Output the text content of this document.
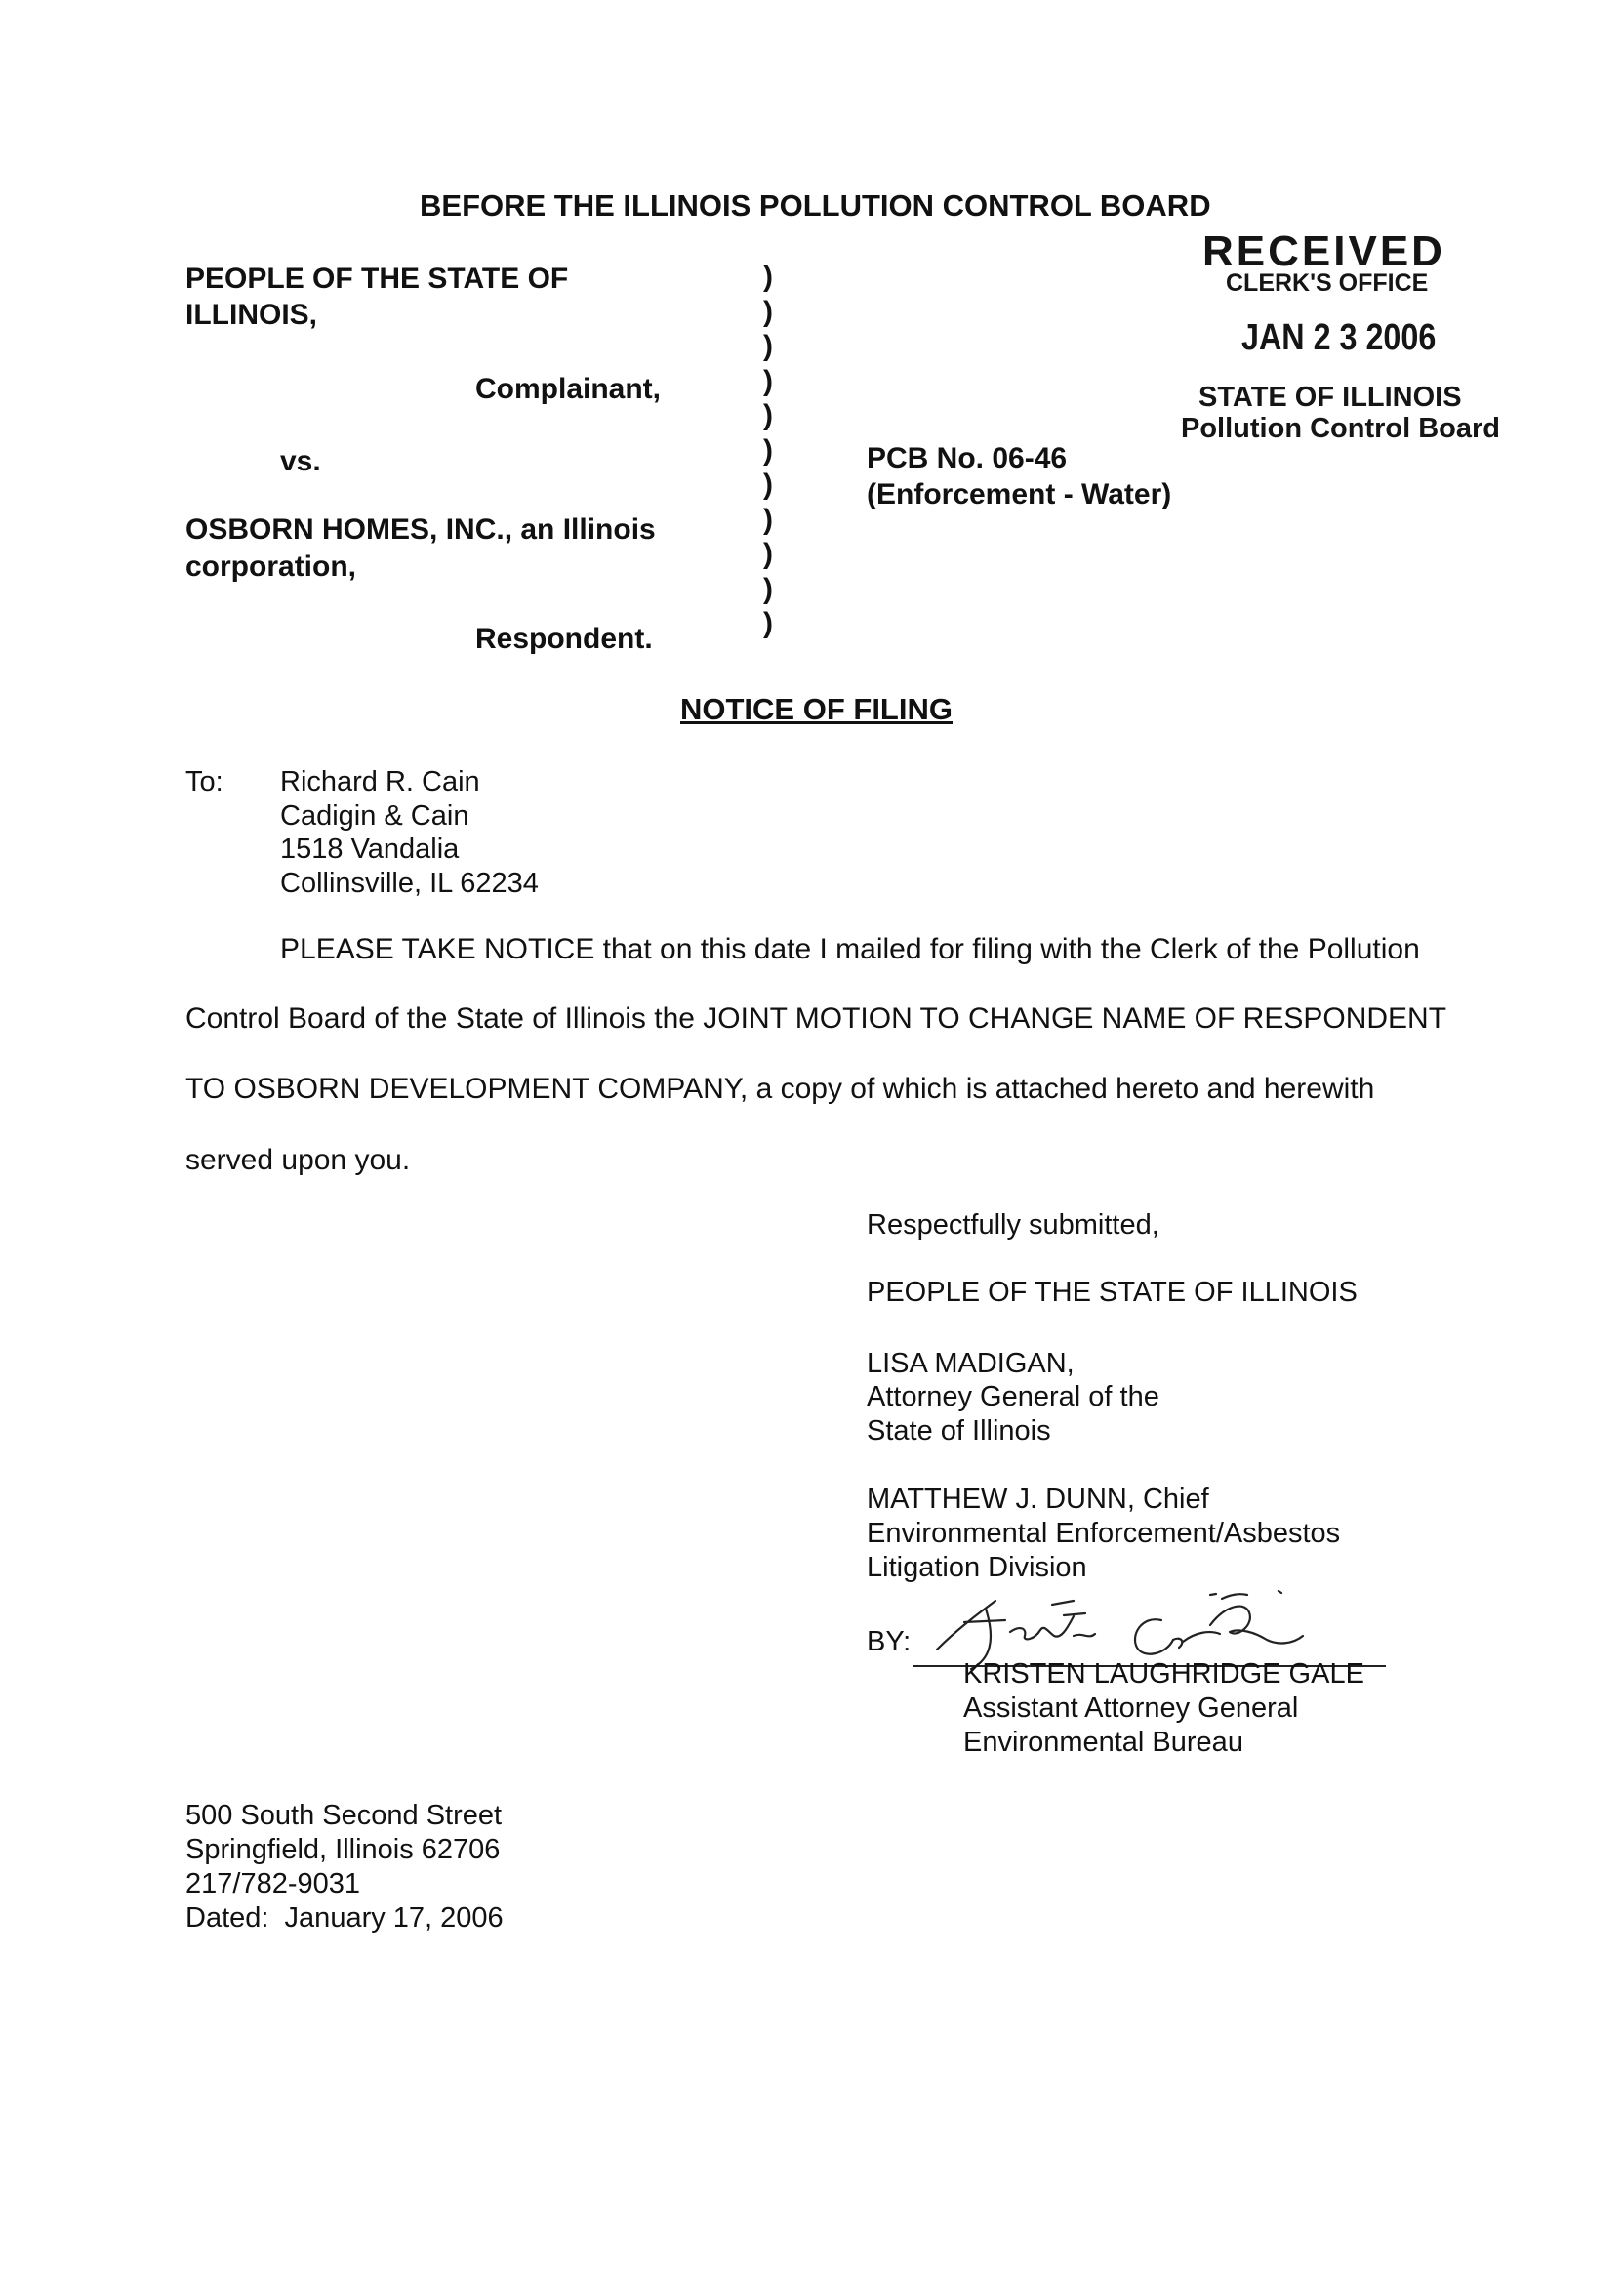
BEFORE THE ILLINOIS POLLUTION CONTROL BOARD
PEOPLE OF THE STATE OF
ILLINOIS,
Complainant,
vs.
OSBORN HOMES, INC., an Illinois
corporation,
Respondent.
)
)
)
)
)
)
)
)
)
)
)
PCB No. 06-46
(Enforcement - Water)
RECEIVED
CLERK'S OFFICE
JAN 2 3 2006
STATE OF ILLINOIS
Pollution Control Board
NOTICE OF FILING
To: Richard R. Cain
Cadigin & Cain
1518 Vandalia
Collinsville, IL 62234
PLEASE TAKE NOTICE that on this date I mailed for filing with the Clerk of the Pollution
Control Board of the State of Illinois the JOINT MOTION TO CHANGE NAME OF RESPONDENT
TO OSBORN DEVELOPMENT COMPANY, a copy of which is attached hereto and herewith
served upon you.
Respectfully submitted,
PEOPLE OF THE STATE OF ILLINOIS
LISA MADIGAN,
Attorney General of the
State of Illinois
MATTHEW J. DUNN, Chief
Environmental Enforcement/Asbestos
Litigation Division
BY:
KRISTEN LAUGHRIDGE GALE
Assistant Attorney General
Environmental Bureau
500 South Second Street
Springfield, Illinois 62706
217/782-9031
Dated:  January 17, 2006
